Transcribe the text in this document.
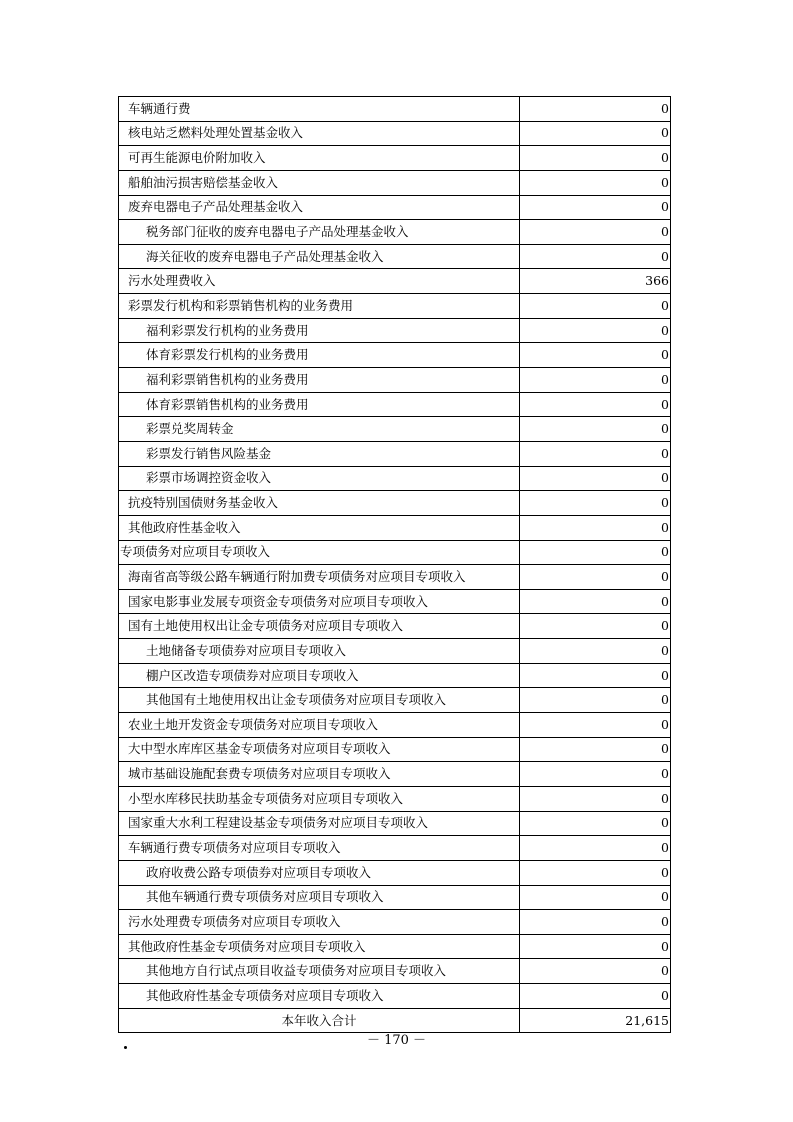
车辆通行费	0
核电站乏燃料处理处置基金收入	0
可再生能源电价附加收入	0
船舶油污损害赔偿基金收入	0
废弃电器电子产品处理基金收入	0
税务部门征收的废弃电器电子产品处理基金收入	0
海关征收的废弃电器电子产品处理基金收入	0
污水处理费收入	366
彩票发行机构和彩票销售机构的业务费用	0
福利彩票发行机构的业务费用	0
体育彩票发行机构的业务费用	0
福利彩票销售机构的业务费用	0
体育彩票销售机构的业务费用	0
彩票兑奖周转金	0
彩票发行销售风险基金	0
彩票市场调控资金收入	0
抗疫特别国债财务基金收入	0
其他政府性基金收入	0
专项债务对应项目专项收入	0
海南省高等级公路车辆通行附加费专项债务对应项目专项收入	0
国家电影事业发展专项资金专项债务对应项目专项收入	0
国有土地使用权出让金专项债务对应项目专项收入	0
土地储备专项债券对应项目专项收入	0
棚户区改造专项债券对应项目专项收入	0
其他国有土地使用权出让金专项债务对应项目专项收入	0
农业土地开发资金专项债务对应项目专项收入	0
大中型水库库区基金专项债务对应项目专项收入	0
城市基础设施配套费专项债务对应项目专项收入	0
小型水库移民扶助基金专项债务对应项目专项收入	0
国家重大水利工程建设基金专项债务对应项目专项收入	0
车辆通行费专项债务对应项目专项收入	0
政府收费公路专项债券对应项目专项收入	0
其他车辆通行费专项债务对应项目专项收入	0
污水处理费专项债务对应项目专项收入	0
其他政府性基金专项债务对应项目专项收入	0
其他地方自行试点项目收益专项债务对应项目专项收入	0
其他政府性基金专项债务对应项目专项收入	0
本年收入合计	21,615
－ 170 －
